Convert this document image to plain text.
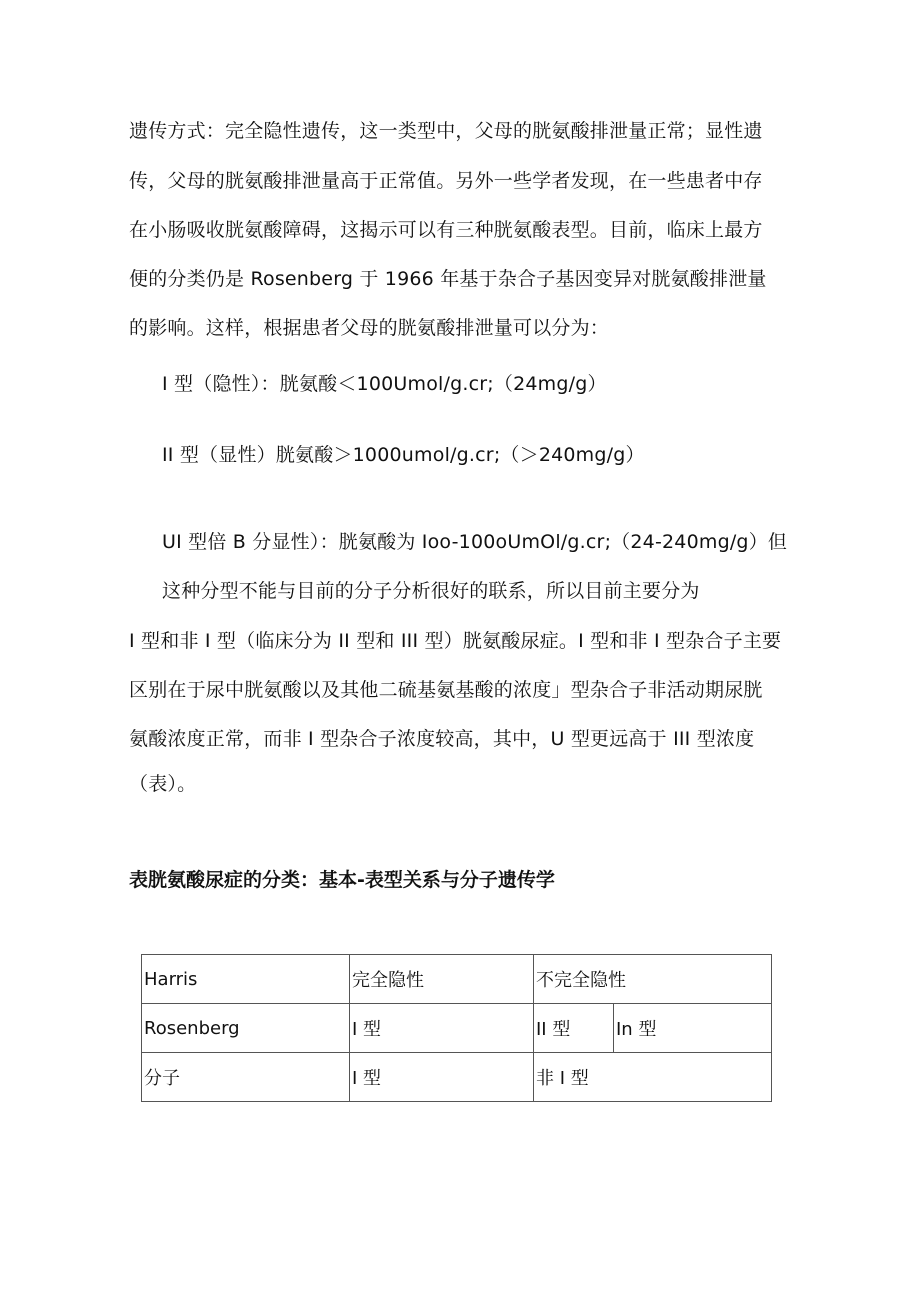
遗传方式：完全隐性遗传，这一类型中，父母的胱氨酸排泄量正常；显性遗
传，父母的胱氨酸排泄量高于正常值。另外一些学者发现，在一些患者中存
在小肠吸收胱氨酸障碍，这揭示可以有三种胱氨酸表型。目前，临床上最方
便的分类仍是 Rosenberg 于 1966 年基于杂合子基因变异对胱氨酸排泄量
的影响。这样，根据患者父母的胱氨酸排泄量可以分为：
I 型（隐性）：胱氨酸＜100Umol/g.cr;（24mg/g）
II 型（显性）胱氨酸＞1000umol/g.cr;（＞240mg/g）
UI 型倍 B 分显性）：胱氨酸为 Ioo-100oUmOl/g.cr;（24-240mg/g）但
这种分型不能与目前的分子分析很好的联系，所以目前主要分为
I 型和非 I 型（临床分为 II 型和 III 型）胱氨酸尿症。I 型和非 I 型杂合子主要
区别在于尿中胱氨酸以及其他二硫基氨基酸的浓度」型杂合子非活动期尿胱
氨酸浓度正常，而非 I 型杂合子浓度较高，其中，U 型更远高于 III 型浓度
（表）。
表胱氨酸尿症的分类：基本-表型关系与分子遗传学
Harris	完全隐性	不完全隐性	
Rosenberg	I 型	II 型	In 型
分子	I 型	非 I 型	
